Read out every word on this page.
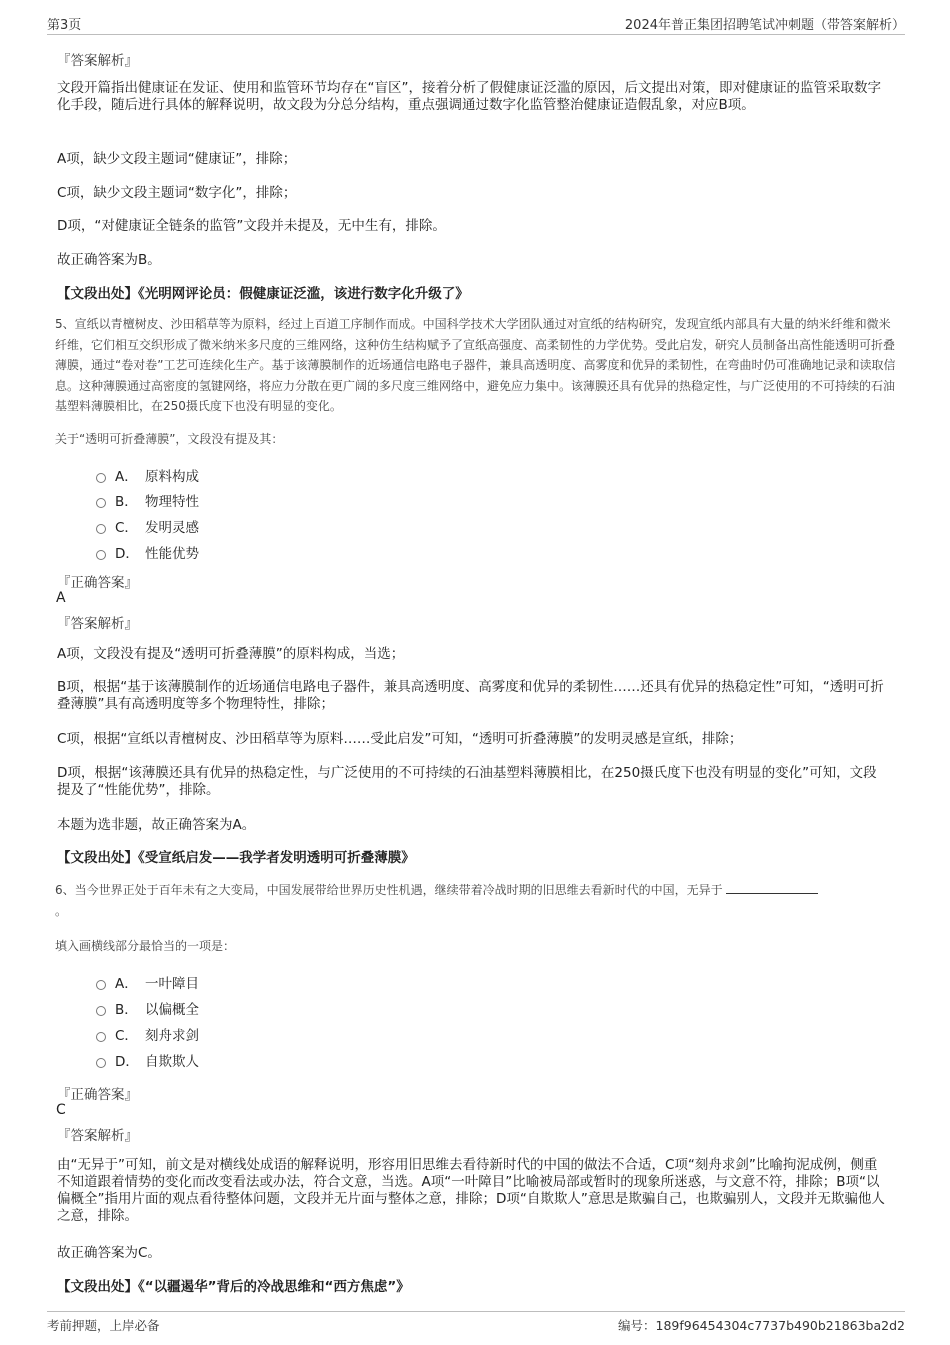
第3页	2024年普正集团招聘笔试冲刺题（带答案解析）

『答案解析』

文段开篇指出健康证在发证、使用和监管环节均存在“盲区”，接着分析了假健康证泛滥的原因，后文提出对策，即对健康证的监管采取数字化手段，随后进行具体的解释说明，故文段为分总分结构，重点强调通过数字化监管整治健康证造假乱象，对应B项。

A项，缺少文段主题词“健康证”，排除；

C项，缺少文段主题词“数字化”，排除；

D项，“对健康证全链条的监管”文段并未提及，无中生有，排除。

故正确答案为B。

【文段出处】《光明网评论员：假健康证泛滥，该进行数字化升级了》

5、宣纸以青檀树皮、沙田稻草等为原料，经过上百道工序制作而成。中国科学技术大学团队通过对宣纸的结构研究，发现宣纸内部具有大量的纳米纤维和微米纤维，它们相互交织形成了微米纳米多尺度的三维网络，这种仿生结构赋予了宣纸高强度、高柔韧性的力学优势。受此启发，研究人员制备出高性能透明可折叠薄膜，通过“卷对卷”工艺可连续化生产。基于该薄膜制作的近场通信电路电子器件，兼具高透明度、高雾度和优异的柔韧性，在弯曲时仍可准确地记录和读取信息。这种薄膜通过高密度的氢键网络，将应力分散在更广阔的多尺度三维网络中，避免应力集中。该薄膜还具有优异的热稳定性，与广泛使用的不可持续的石油基塑料薄膜相比，在250摄氏度下也没有明显的变化。

关于“透明可折叠薄膜”，文段没有提及其：

A． 原料构成
B． 物理特性
C． 发明灵感
D． 性能优势

『正确答案』

A

『答案解析』

A项，文段没有提及“透明可折叠薄膜”的原料构成，当选；

B项，根据“基于该薄膜制作的近场通信电路电子器件，兼具高透明度、高雾度和优异的柔韧性……还具有优异的热稳定性”可知，“透明可折叠薄膜”具有高透明度等多个物理特性，排除；

C项，根据“宣纸以青檀树皮、沙田稻草等为原料……受此启发”可知，“透明可折叠薄膜”的发明灵感是宣纸，排除；

D项，根据“该薄膜还具有优异的热稳定性，与广泛使用的不可持续的石油基塑料薄膜相比，在250摄氏度下也没有明显的变化”可知，文段提及了“性能优势”，排除。

本题为选非题，故正确答案为A。

【文段出处】《受宣纸启发——我学者发明透明可折叠薄膜》

6、当今世界正处于百年未有之大变局，中国发展带给世界历史性机遇，继续带着冷战时期的旧思维去看新时代的中国，无异于
。

填入画横线部分最恰当的一项是：

A． 一叶障目
B． 以偏概全
C． 刻舟求剑
D． 自欺欺人

『正确答案』

C

『答案解析』

由“无异于”可知，前文是对横线处成语的解释说明，形容用旧思维去看待新时代的中国的做法不合适，C项“刻舟求剑”比喻拘泥成例，侧重不知道跟着情势的变化而改变看法或办法，符合文意，当选。A项“一叶障目”比喻被局部或暂时的现象所迷惑，与文意不符，排除；B项“以偏概全”指用片面的观点看待整体问题，文段并无片面与整体之意，排除；D项“自欺欺人”意思是欺骗自己，也欺骗别人，文段并无欺骗他人之意，排除。

故正确答案为C。

【文段出处】《“以疆遏华”背后的冷战思维和“西方焦虑”》

考前押题，上岸必备	编号：189f96454304c7737b490b21863ba2d2
